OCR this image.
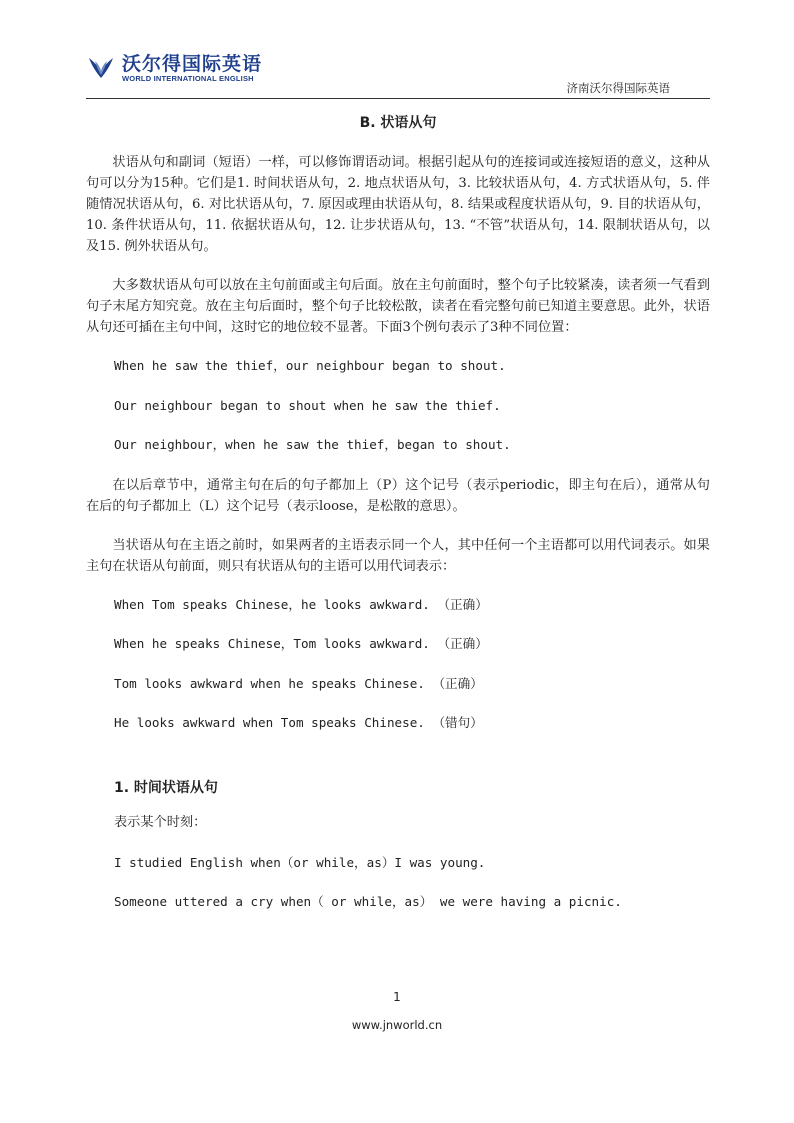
沃尔得国际英语
WORLD INTERNATIONAL ENGLISH
济南沃尔得国际英语
B. 状语从句

状语从句和副词（短语）一样，可以修饰谓语动词。根据引起从句的连接词或连接短语的意义，这种从句可以分为15种。它们是1. 时间状语从句，2. 地点状语从句，3. 比较状语从句，4. 方式状语从句，5. 伴随情况状语从句，6. 对比状语从句，7. 原因或理由状语从句，8. 结果或程度状语从句，9. 目的状语从句，10. 条件状语从句，11. 依据状语从句，12. 让步状语从句，13. “不管”状语从句，14. 限制状语从句，以及15. 例外状语从句。

大多数状语从句可以放在主句前面或主句后面。放在主句前面时，整个句子比较紧凑，读者须一气看到句子末尾方知究竟。放在主句后面时，整个句子比较松散，读者在看完整句前已知道主要意思。此外，状语从句还可插在主句中间，这时它的地位较不显著。下面3个例句表示了3种不同位置：

When he saw the thief，our neighbour began to shout.
Our neighbour began to shout when he saw the thief.
Our neighbour，when he saw the thief，began to shout.

在以后章节中，通常主句在后的句子都加上（P）这个记号（表示periodic，即主句在后），通常从句在后的句子都加上（L）这个记号（表示loose，是松散的意思）。

当状语从句在主语之前时，如果两者的主语表示同一个人，其中任何一个主语都可以用代词表示。如果主句在状语从句前面，则只有状语从句的主语可以用代词表示：

When Tom speaks Chinese，he looks awkward. （正确）
When he speaks Chinese，Tom looks awkward. （正确）
Tom looks awkward when he speaks Chinese. （正确）
He looks awkward when Tom speaks Chinese. （错句）
1. 时间状语从句
表示某个时刻：
I studied English when（or while，as）I was young.
Someone uttered a cry when（ or while，as） we were having a picnic.
1
www.jnworld.cn
